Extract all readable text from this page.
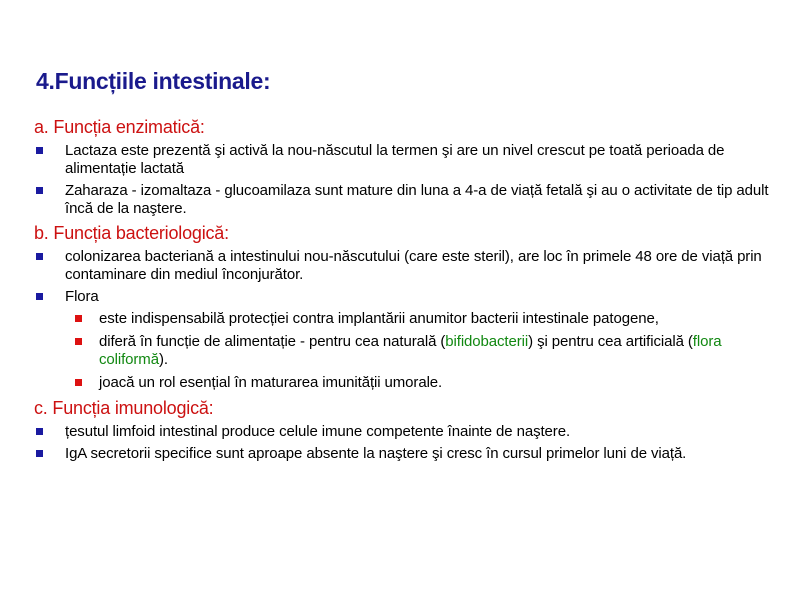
4.Funcțiile intestinale:
a. Funcția enzimatică:
Lactaza este prezentă şi activă la nou-născutul la termen şi are un nivel crescut pe toată perioada de alimentație lactată
Zaharaza - izomaltaza - glucoamilaza sunt mature din luna a 4-a de viață fetală şi au o activitate de tip adult încă de la naştere.
b. Funcția bacteriologică:
colonizarea bacteriană a intestinului nou-născutului (care este steril), are loc în primele 48 ore de viață prin contaminare din mediul înconjurător.
Flora
este indispensabilă protecției contra implantării anumitor bacterii intestinale patogene,
diferă în funcție de alimentație - pentru cea naturală (bifidobacterii) şi pentru cea artificială (flora coliformă).
joacă un rol esențial în maturarea imunității umorale.
c. Funcția imunologică:
țesutul limfoid intestinal produce celule imune competente înainte de naştere.
IgA secretorii specifice sunt aproape absente la naştere şi cresc în cursul primelor luni de viață.
